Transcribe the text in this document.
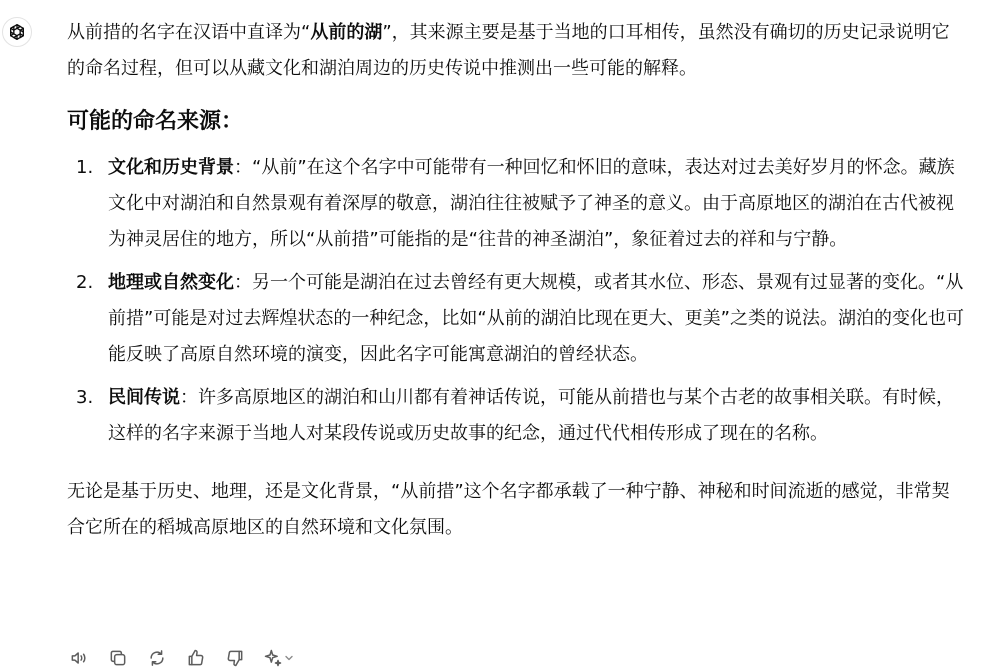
从前措的名字在汉语中直译为“从前的湖”，其来源主要是基于当地的口耳相传，虽然没有确切的历史记录说明它的命名过程，但可以从藏文化和湖泊周边的历史传说中推测出一些可能的解释。

可能的命名来源：

1. 文化和历史背景：“从前”在这个名字中可能带有一种回忆和怀旧的意味，表达对过去美好岁月的怀念。藏族文化中对湖泊和自然景观有着深厚的敬意，湖泊往往被赋予了神圣的意义。由于高原地区的湖泊在古代被视为神灵居住的地方，所以“从前措”可能指的是“往昔的神圣湖泊”，象征着过去的祥和与宁静。
2. 地理或自然变化：另一个可能是湖泊在过去曾经有更大规模，或者其水位、形态、景观有过显著的变化。“从前措”可能是对过去辉煌状态的一种纪念，比如“从前的湖泊比现在更大、更美”之类的说法。湖泊的变化也可能反映了高原自然环境的演变，因此名字可能寓意湖泊的曾经状态。
3. 民间传说：许多高原地区的湖泊和山川都有着神话传说，可能从前措也与某个古老的故事相关联。有时候，这样的名字来源于当地人对某段传说或历史故事的纪念，通过代代相传形成了现在的名称。

无论是基于历史、地理，还是文化背景，“从前措”这个名字都承载了一种宁静、神秘和时间流逝的感觉，非常契合它所在的稻城高原地区的自然环境和文化氛围。
